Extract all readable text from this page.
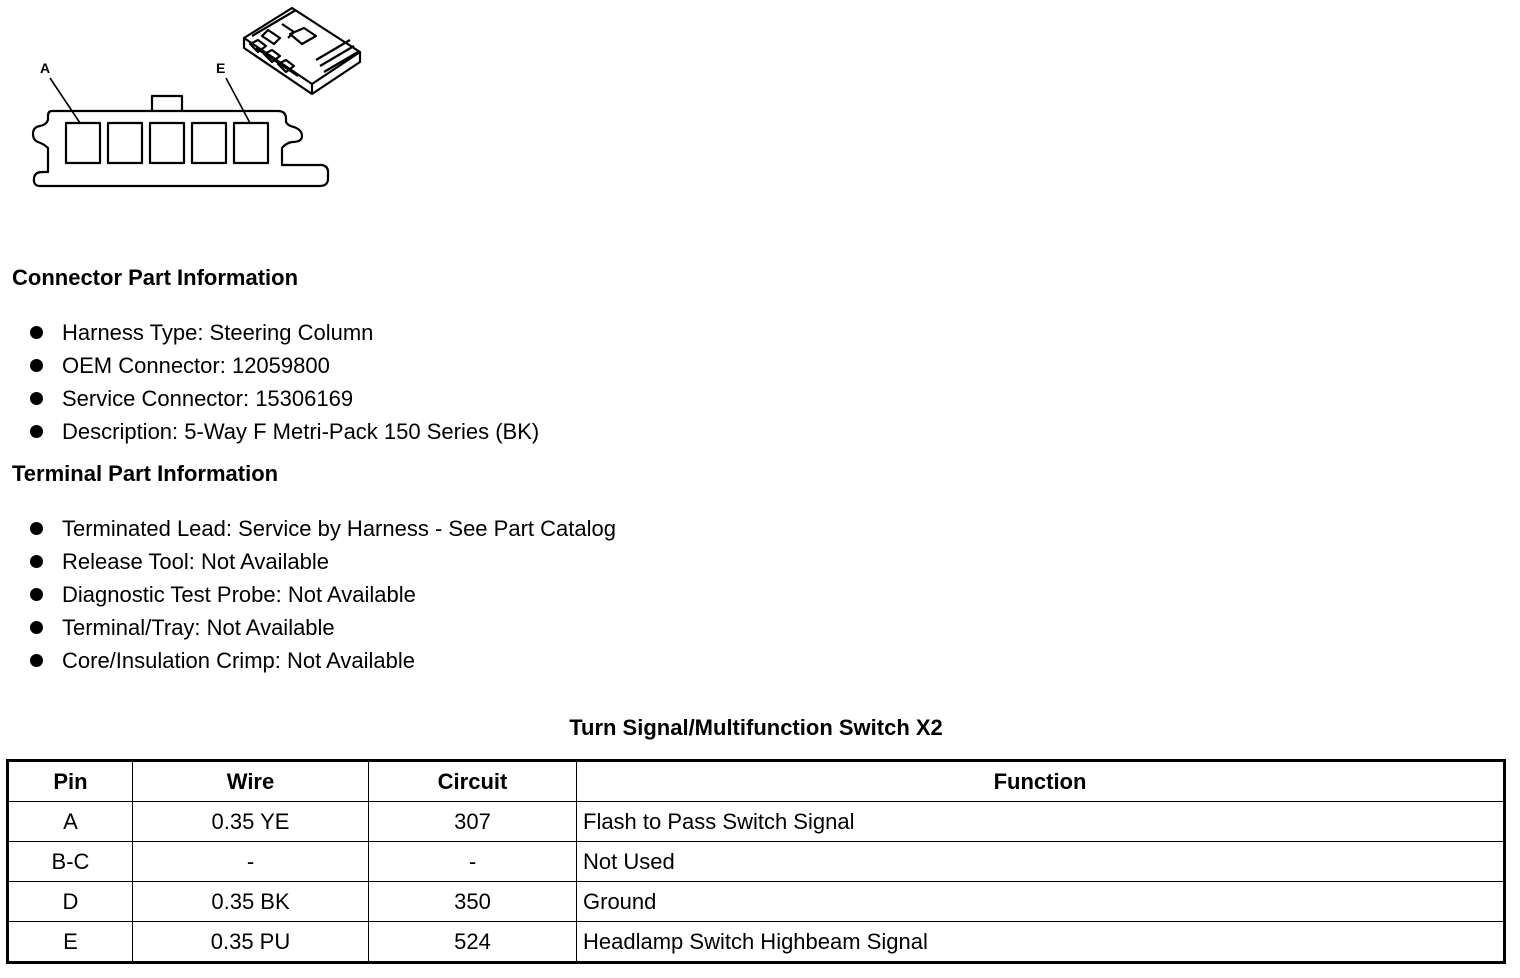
A	E
Connector Part Information
Harness Type: Steering Column
OEM Connector: 12059800
Service Connector: 15306169
Description: 5-Way F Metri-Pack 150 Series (BK)
Terminal Part Information
Terminated Lead: Service by Harness - See Part Catalog
Release Tool: Not Available
Diagnostic Test Probe: Not Available
Terminal/Tray: Not Available
Core/Insulation Crimp: Not Available
Turn Signal/Multifunction Switch X2
Pin	Wire	Circuit	Function
A	0.35 YE	307	Flash to Pass Switch Signal
B-C	-	-	Not Used
D	0.35 BK	350	Ground
E	0.35 PU	524	Headlamp Switch Highbeam Signal
